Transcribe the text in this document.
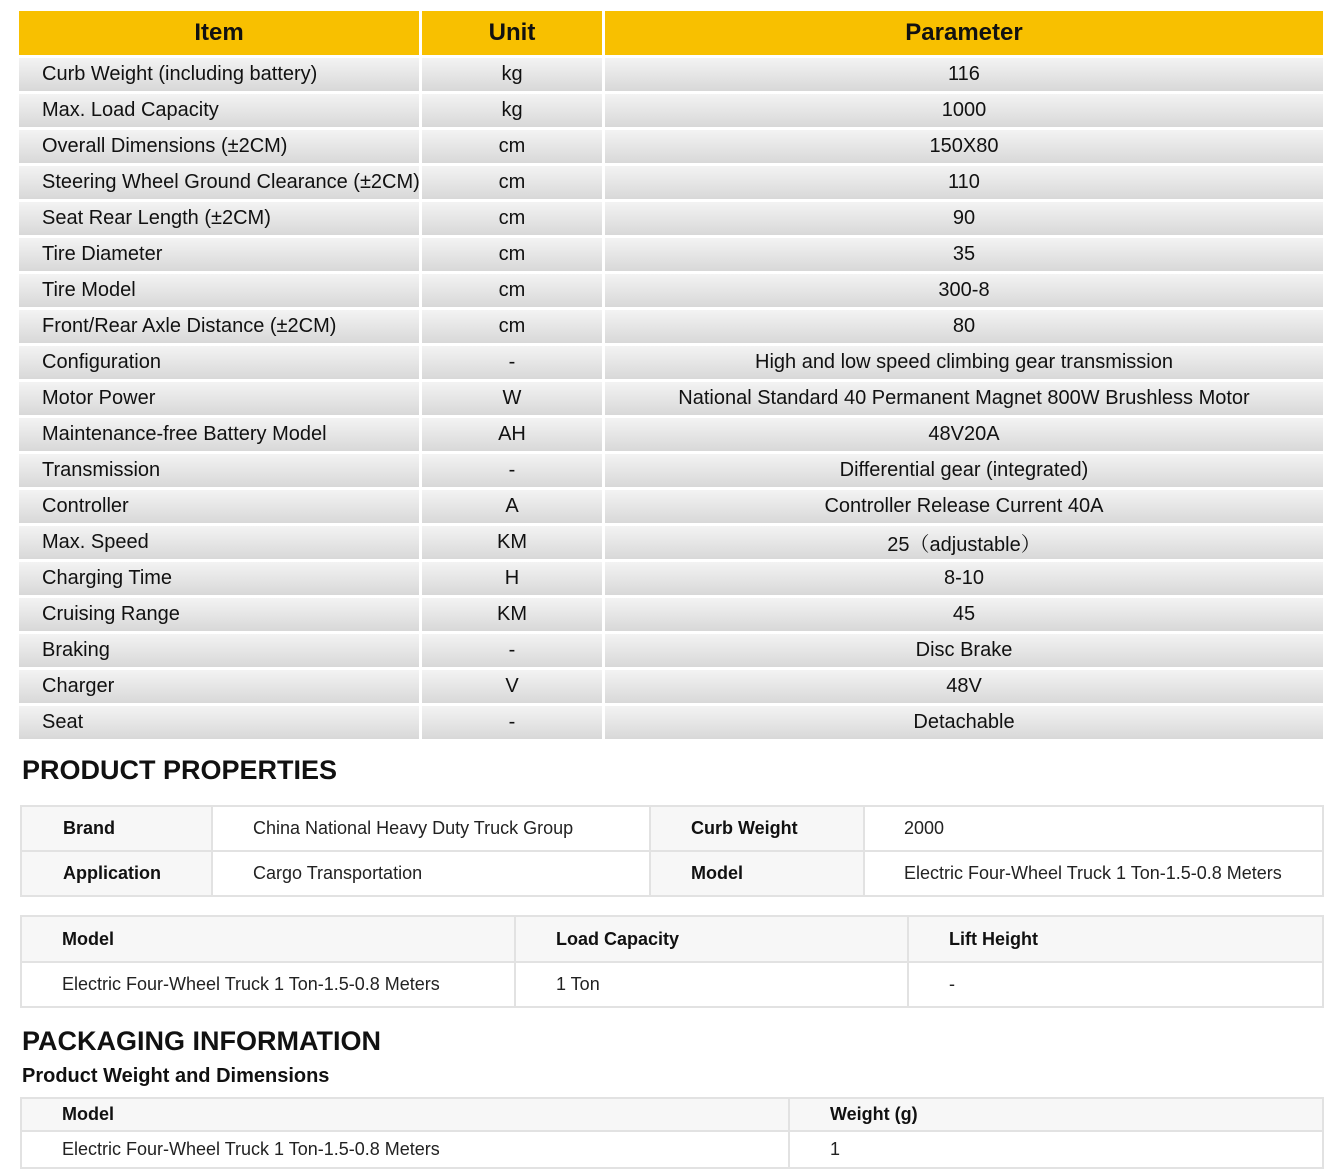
Item	Unit	Parameter
Curb Weight (including battery)	kg	116
Max. Load Capacity	kg	1000
Overall Dimensions (±2CM)	cm	150X80
Steering Wheel Ground Clearance (±2CM)	cm	110
Seat Rear Length (±2CM)	cm	90
Tire Diameter	cm	35
Tire Model	cm	300-8
Front/Rear Axle Distance (±2CM)	cm	80
Configuration	-	High and low speed climbing gear transmission
Motor Power	W	National Standard 40 Permanent Magnet 800W Brushless Motor
Maintenance-free Battery Model	AH	48V20A
Transmission	-	Differential gear (integrated)
Controller	A	Controller Release Current 40A
Max. Speed	KM	25（adjustable）
Charging Time	H	8-10
Cruising Range	KM	45
Braking	-	Disc Brake
Charger	V	48V
Seat	-	Detachable
PRODUCT PROPERTIES
Brand	China National Heavy Duty Truck Group	Curb Weight	2000
Application	Cargo Transportation	Model	Electric Four-Wheel Truck 1 Ton-1.5-0.8 Meters
Model	Load Capacity	Lift Height
Electric Four-Wheel Truck 1 Ton-1.5-0.8 Meters	1 Ton	-
PACKAGING INFORMATION
Product Weight and Dimensions
Model	Weight (g)
Electric Four-Wheel Truck 1 Ton-1.5-0.8 Meters	1
